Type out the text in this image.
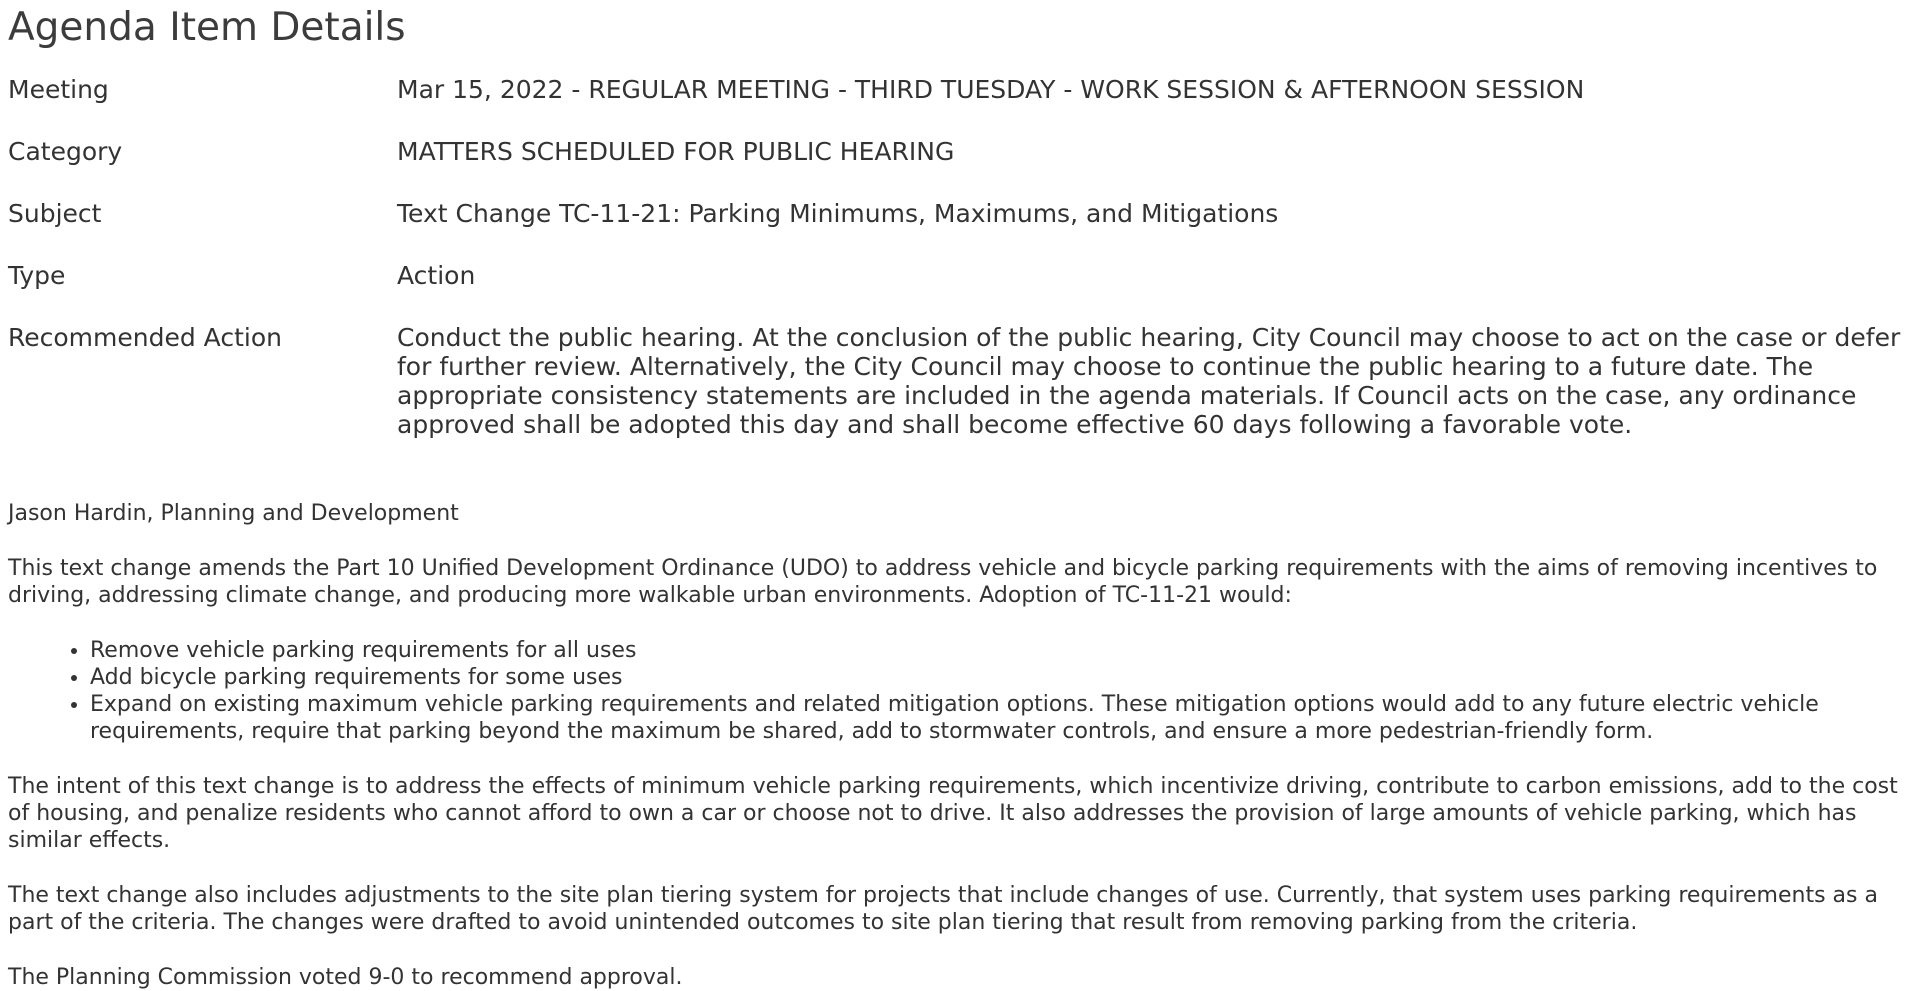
Agenda Item Details
Meeting	Mar 15, 2022 - REGULAR MEETING - THIRD TUESDAY - WORK SESSION & AFTERNOON SESSION
Category	MATTERS SCHEDULED FOR PUBLIC HEARING
Subject	Text Change TC-11-21: Parking Minimums, Maximums, and Mitigations
Type	Action
Recommended Action	Conduct the public hearing. At the conclusion of the public hearing, City Council may choose to act on the case or defer for further review. Alternatively, the City Council may choose to continue the public hearing to a future date. The appropriate consistency statements are included in the agenda materials. If Council acts on the case, any ordinance approved shall be adopted this day and shall become effective 60 days following a favorable vote.

Jason Hardin, Planning and Development

This text change amends the Part 10 Unified Development Ordinance (UDO) to address vehicle and bicycle parking requirements with the aims of removing incentives to driving, addressing climate change, and producing more walkable urban environments. Adoption of TC-11-21 would:

• Remove vehicle parking requirements for all uses
• Add bicycle parking requirements for some uses
• Expand on existing maximum vehicle parking requirements and related mitigation options. These mitigation options would add to any future electric vehicle requirements, require that parking beyond the maximum be shared, add to stormwater controls, and ensure a more pedestrian-friendly form.

The intent of this text change is to address the effects of minimum vehicle parking requirements, which incentivize driving, contribute to carbon emissions, add to the cost of housing, and penalize residents who cannot afford to own a car or choose not to drive. It also addresses the provision of large amounts of vehicle parking, which has similar effects.

The text change also includes adjustments to the site plan tiering system for projects that include changes of use. Currently, that system uses parking requirements as a part of the criteria. The changes were drafted to avoid unintended outcomes to site plan tiering that result from removing parking from the criteria.

The Planning Commission voted 9-0 to recommend approval.
